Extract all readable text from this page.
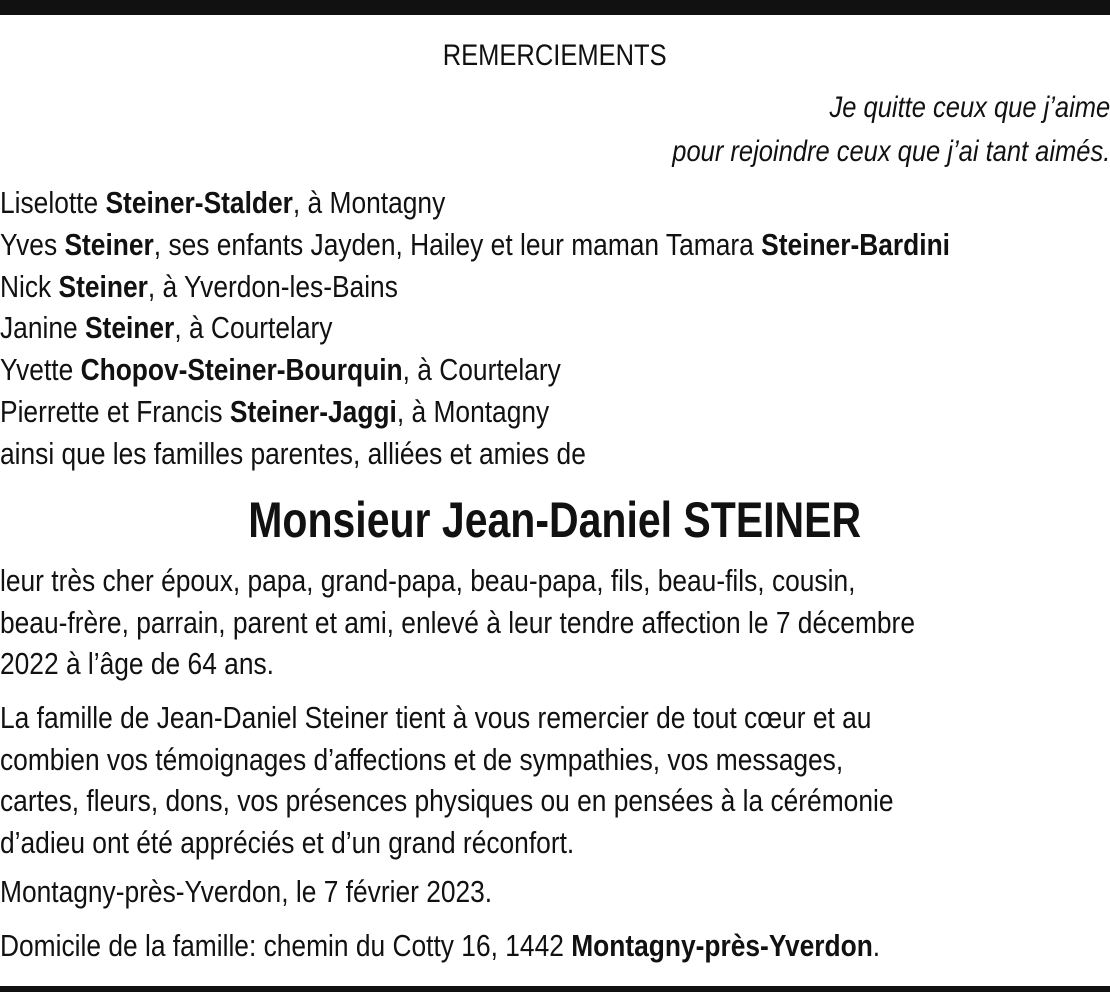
REMERCIEMENTS
Je quitte ceux que j’aime
pour rejoindre ceux que j’ai tant aimés.
Liselotte Steiner-Stalder, à Montagny
Yves Steiner, ses enfants Jayden, Hailey et leur maman Tamara Steiner-Bardini
Nick Steiner, à Yverdon-les-Bains
Janine Steiner, à Courtelary
Yvette Chopov-Steiner-Bourquin, à Courtelary
Pierrette et Francis Steiner-Jaggi, à Montagny
ainsi que les familles parentes, alliées et amies de
Monsieur Jean-Daniel STEINER
leur très cher époux, papa, grand-papa, beau-papa, fils, beau-fils, cousin,
beau-frère, parrain, parent et ami, enlevé à leur tendre affection le 7 décembre
2022 à l’âge de 64 ans.
La famille de Jean-Daniel Steiner tient à vous remercier de tout cœur et au
combien vos témoignages d’affections et de sympathies, vos messages,
cartes, fleurs, dons, vos présences physiques ou en pensées à la cérémonie
d’adieu ont été appréciés et d’un grand réconfort.
Montagny-près-Yverdon, le 7 février 2023.
Domicile de la famille: chemin du Cotty 16, 1442 Montagny-près-Yverdon.
